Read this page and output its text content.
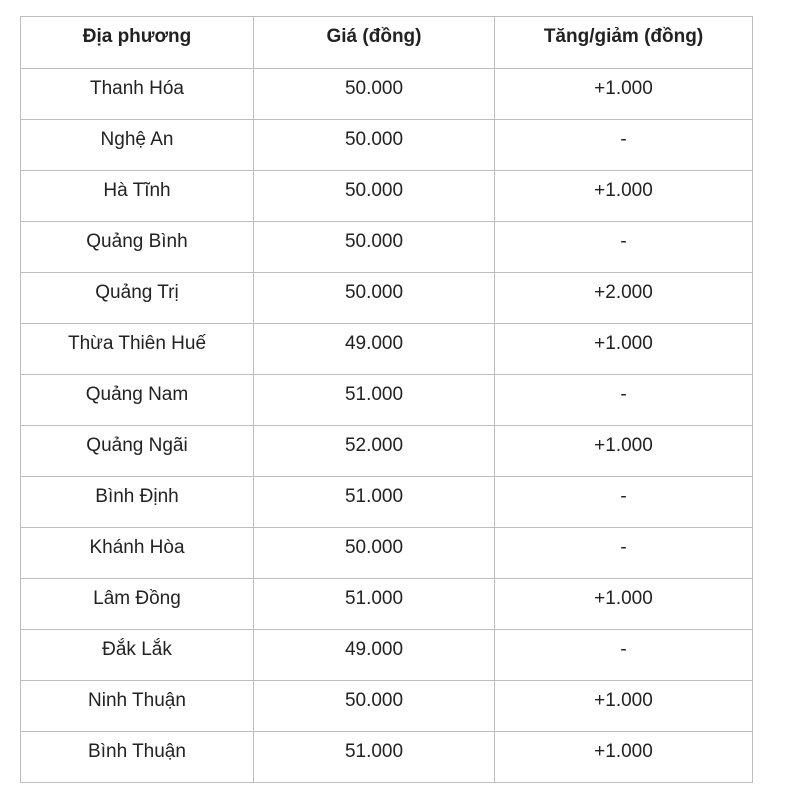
Địa phương	Giá (đồng)	Tăng/giảm (đồng)
Thanh Hóa	50.000	+1.000
Nghệ An	50.000	-
Hà Tĩnh	50.000	+1.000
Quảng Bình	50.000	-
Quảng Trị	50.000	+2.000
Thừa Thiên Huế	49.000	+1.000
Quảng Nam	51.000	-
Quảng Ngãi	52.000	+1.000
Bình Định	51.000	-
Khánh Hòa	50.000	-
Lâm Đồng	51.000	+1.000
Đắk Lắk	49.000	-
Ninh Thuận	50.000	+1.000
Bình Thuận	51.000	+1.000
